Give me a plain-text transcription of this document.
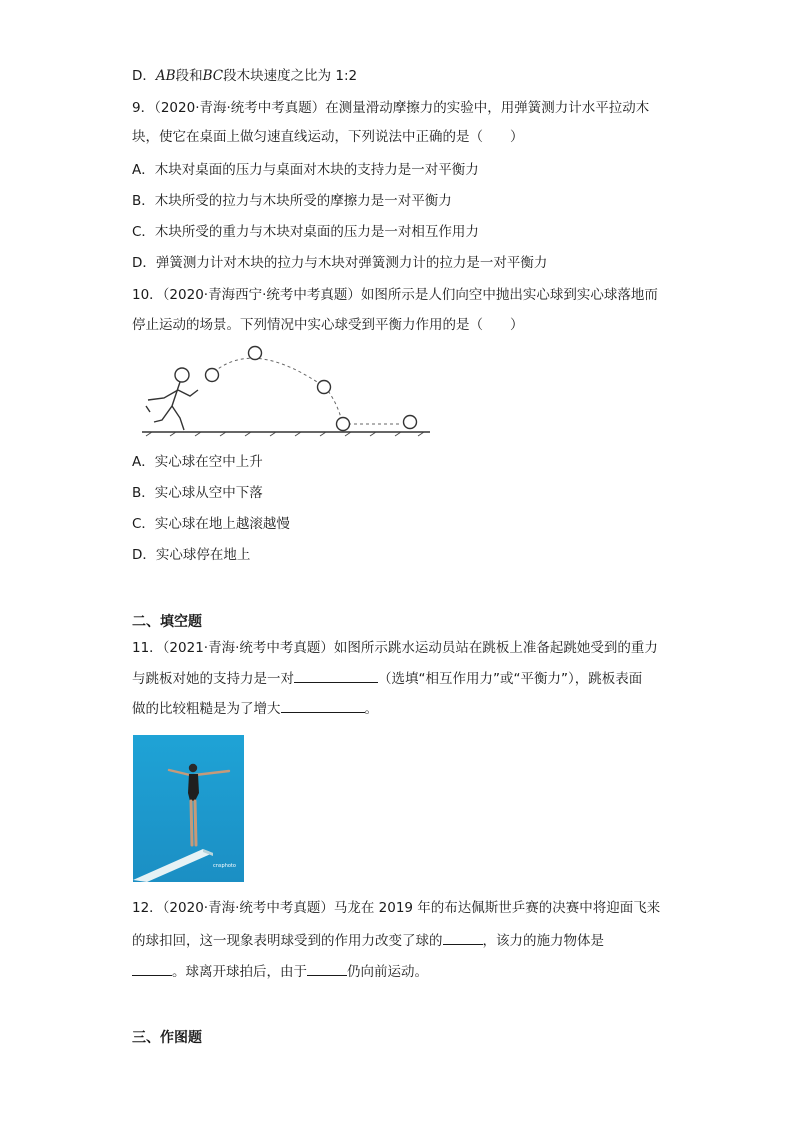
D．AB段和BC段木块速度之比为 1:2
9．（2020·青海·统考中考真题）在测量滑动摩擦力的实验中，用弹簧测力计水平拉动木
块，使它在桌面上做匀速直线运动，下列说法中正确的是（　　）
A．木块对桌面的压力与桌面对木块的支持力是一对平衡力
B．木块所受的拉力与木块所受的摩擦力是一对平衡力
C．木块所受的重力与木块对桌面的压力是一对相互作用力
D．弹簧测力计对木块的拉力与木块对弹簧测力计的拉力是一对平衡力
10．（2020·青海西宁·统考中考真题）如图所示是人们向空中抛出实心球到实心球落地而
停止运动的场景。下列情况中实心球受到平衡力作用的是（　　）
A．实心球在空中上升
B．实心球从空中下落
C．实心球在地上越滚越慢
D．实心球停在地上
二、填空题
11．（2021·青海·统考中考真题）如图所示跳水运动员站在跳板上准备起跳她受到的重力
与跳板对她的支持力是一对	（选填“相互作用力”或“平衡力”），跳板表面
做的比较粗糙是为了增大	。
cnsphoto
12．（2020·青海·统考中考真题）马龙在 2019 年的布达佩斯世乒赛的决赛中将迎面飞来
的球扣回，这一现象表明球受到的作用力改变了球的	，该力的施力物体是
。球离开球拍后，由于	仍向前运动。
三、作图题
